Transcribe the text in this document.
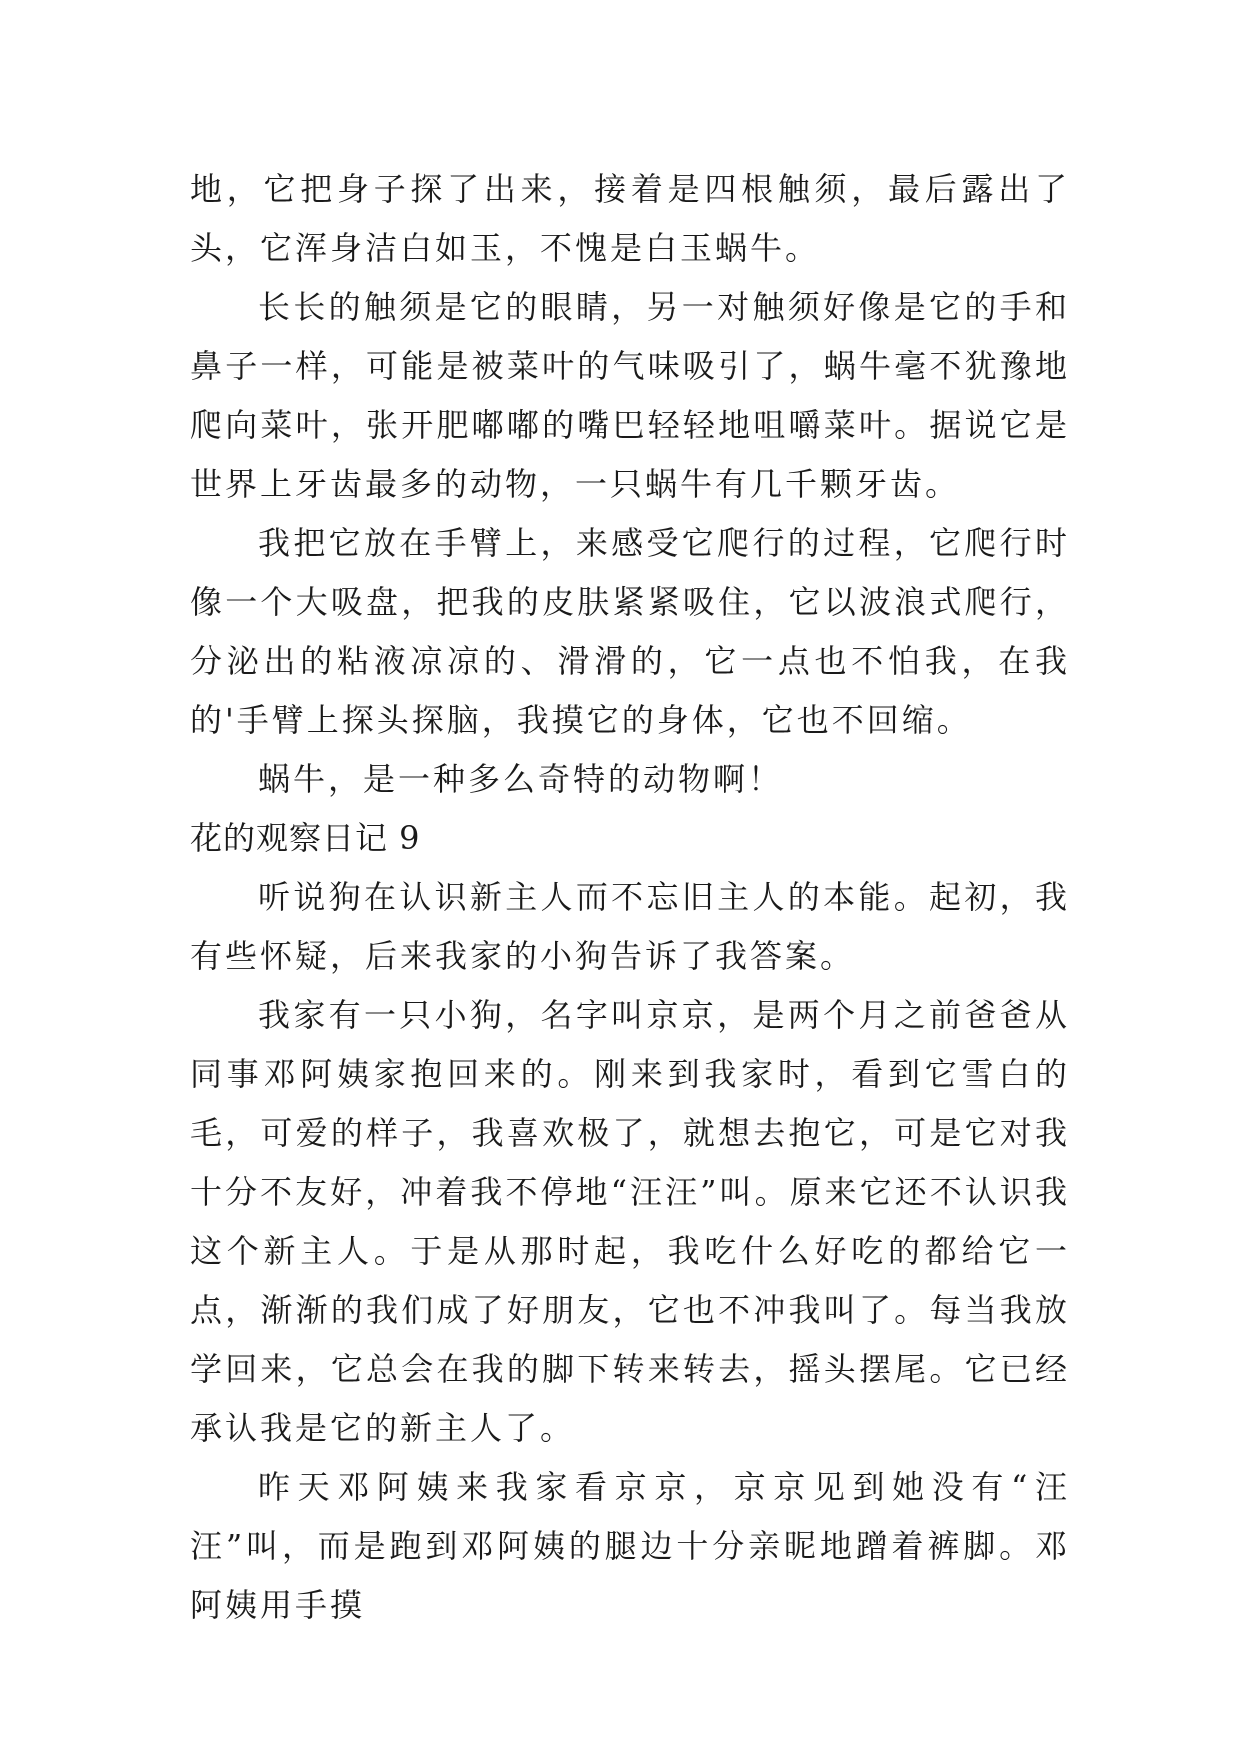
地，它把身子探了出来，接着是四根触须，最后露出了头，它浑身洁白如玉，不愧是白玉蜗牛。

长长的触须是它的眼睛，另一对触须好像是它的手和鼻子一样，可能是被菜叶的气味吸引了，蜗牛毫不犹豫地爬向菜叶，张开肥嘟嘟的嘴巴轻轻地咀嚼菜叶。据说它是世界上牙齿最多的动物，一只蜗牛有几千颗牙齿。

我把它放在手臂上，来感受它爬行的过程，它爬行时像一个大吸盘，把我的皮肤紧紧吸住，它以波浪式爬行，分泌出的粘液凉凉的、滑滑的，它一点也不怕我，在我的'手臂上探头探脑，我摸它的身体，它也不回缩。

蜗牛，是一种多么奇特的动物啊！

花的观察日记 9

听说狗在认识新主人而不忘旧主人的本能。起初，我有些怀疑，后来我家的小狗告诉了我答案。

我家有一只小狗，名字叫京京，是两个月之前爸爸从同事邓阿姨家抱回来的。刚来到我家时，看到它雪白的毛，可爱的样子，我喜欢极了，就想去抱它，可是它对我十分不友好，冲着我不停地“汪汪”叫。原来它还不认识我这个新主人。于是从那时起，我吃什么好吃的都给它一点，渐渐的我们成了好朋友，它也不冲我叫了。每当我放学回来，它总会在我的脚下转来转去，摇头摆尾。它已经承认我是它的新主人了。

昨天邓阿姨来我家看京京，京京见到她没有“汪汪”叫，而是跑到邓阿姨的腿边十分亲昵地蹭着裤脚。邓阿姨用手摸
